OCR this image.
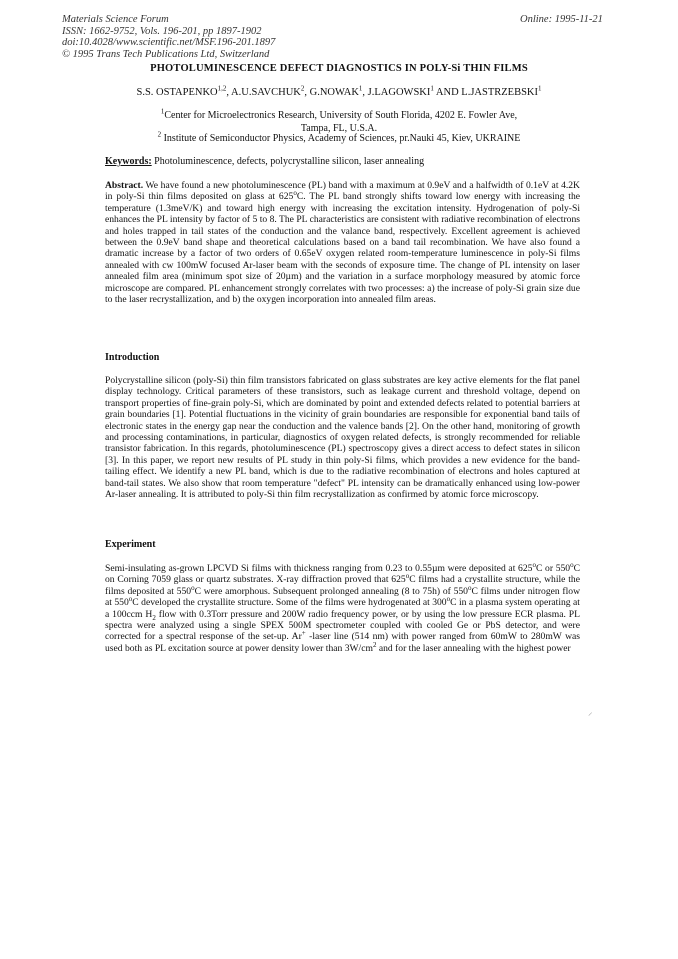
Materials Science Forum
ISSN: 1662-9752, Vols. 196-201, pp 1897-1902
doi:10.4028/www.scientific.net/MSF.196-201.1897
© 1995 Trans Tech Publications Ltd, Switzerland
Online: 1995-11-21
PHOTOLUMINESCENCE DEFECT DIAGNOSTICS IN POLY-Si THIN FILMS
S.S. OSTAPENKO$^{1,2}$, A.U.SAVCHUK$^2$, G.NOWAK$^1$, J.LAGOWSKI$^1$ AND L.JASTRZEBSKI$^1$
$^1$Center for Microelectronics Research, University of South Florida, 4202 E. Fowler Ave,
Tampa, FL, U.S.A.
$^2$ Institute of Semiconductor Physics, Academy of Sciences, pr.Nauki 45, Kiev, UKRAINE
Keywords: Photoluminescence, defects, polycrystalline silicon, laser annealing
Abstract. We have found a new photoluminescence (PL) band with a maximum at 0.9eV and a halfwidth of 0.1eV at 4.2K in poly-Si thin films deposited on glass at 625$^o$C. The PL band strongly shifts toward low energy with increasing the temperature (1.3meV/K) and toward high energy with increasing the excitation intensity. Hydrogenation of poly-Si enhances the PL intensity by factor of 5 to 8. The PL characteristics are consistent with radiative recombination of electrons and holes trapped in tail states of the conduction and the valance band, respectively. Excellent agreement is achieved between the 0.9eV band shape and theoretical calculations based on a band tail recombination. We have also found a dramatic increase by a factor of two orders of 0.65eV oxygen related room-temperature luminescence in poly-Si films annealed with cw 100mW focused Ar-laser beam with the seconds of exposure time. The change of PL intensity on laser annealed film area (minimum spot size of 20µm) and the variation in a surface morphology measured by atomic force microscope are compared. PL enhancement strongly correlates with two processes: a) the increase of poly-Si grain size due to the laser recrystallization, and b) the oxygen incorporation into annealed film areas.
Introduction
Polycrystalline silicon (poly-Si) thin film transistors fabricated on glass substrates are key active elements for the flat panel display technology. Critical parameters of these transistors, such as leakage current and threshold voltage, depend on transport properties of fine-grain poly-Si, which are dominated by point and extended defects related to potential barriers at grain boundaries [1]. Potential fluctuations in the vicinity of grain boundaries are responsible for exponential band tails of electronic states in the energy gap near the conduction and the valence bands [2]. On the other hand, monitoring of growth and processing contaminations, in particular, diagnostics of oxygen related defects, is strongly recommended for reliable transistor fabrication. In this regards, photoluminescence (PL) spectroscopy gives a direct access to defect states in silicon [3]. In this paper, we report new results of PL study in thin poly-Si films, which provides a new evidence for the band-tailing effect. We identify a new PL band, which is due to the radiative recombination of electrons and holes captured at band-tail states. We also show that room temperature "defect" PL intensity can be dramatically enhanced using low-power Ar-laser annealing. It is attributed to poly-Si thin film recrystallization as confirmed by atomic force microscopy.
Experiment
Semi-insulating as-grown LPCVD Si films with thickness ranging from 0.23 to 0.55µm were deposited at 625$^o$C or 550$^o$C on Corning 7059 glass or quartz substrates. X-ray diffraction proved that 625$^o$C films had a crystallite structure, while the films deposited at 550$^o$C were amorphous. Subsequent prolonged annealing (8 to 75h) of 550$^o$C films under nitrogen flow at 550$^o$C developed the crystallite structure. Some of the films were hydrogenated at 300$^o$C in a plasma system operating at a 100ccm $H_2$ flow with 0.3Torr pressure and 200W radio frequency power, or by using the low pressure ECR plasma. PL spectra were analyzed using a single SPEX 500M spectrometer coupled with cooled Ge or PbS detector, and were corrected for a spectral response of the set-up. Ar+ -laser line (514 nm) with power ranged from 60mW to 280mW was used both as PL excitation source at power density lower than $3W/cm^2$ and for the laser annealing with the highest power
⸝
